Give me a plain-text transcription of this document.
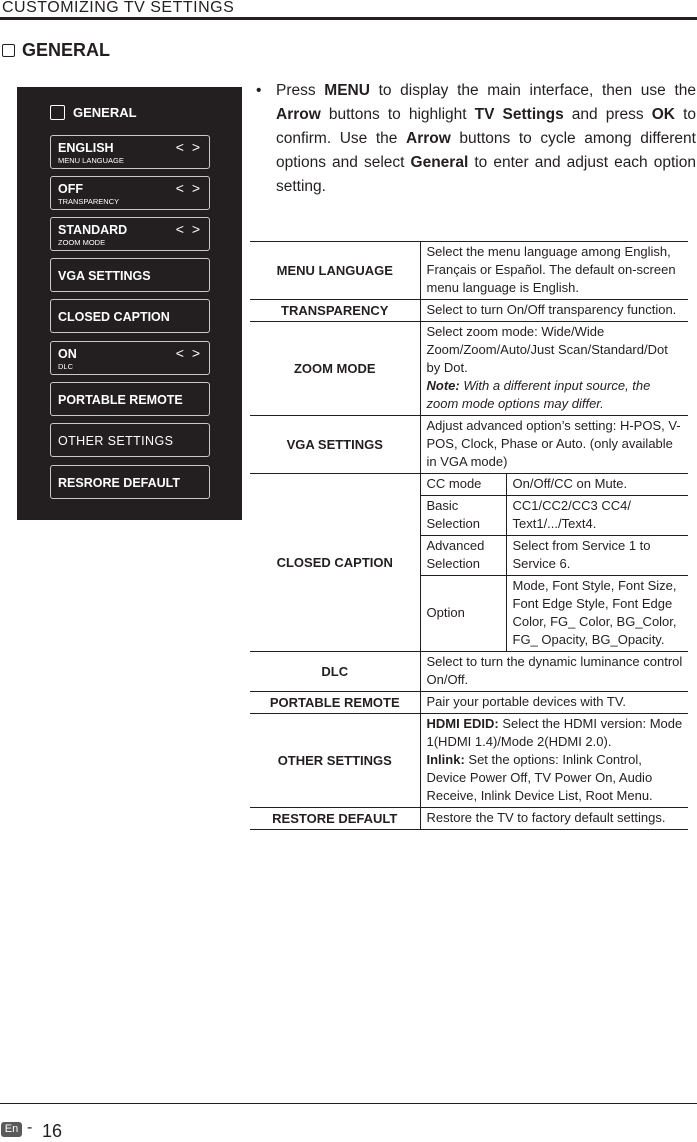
CUSTOMIZING TV SETTINGS
GENERAL
GENERAL
ENGLISH
MENU LANGUAGE
< >
OFF
TRANSPARENCY
< >
STANDARD
ZOOM MODE
< >
VGA SETTINGS
CLOSED CAPTION
ON
DLC
< >
PORTABLE REMOTE
OTHER SETTINGS
RESRORE DEFAULT
• Press MENU to display the main interface, then use the Arrow buttons to highlight TV Settings and press OK to confirm. Use the Arrow buttons to cycle among different options and select General to enter and adjust each option setting.

MENU LANGUAGE	Select the menu language among English, Français or Español. The default on-screen menu language is English.
TRANSPARENCY	Select to turn On/Off transparency function.
ZOOM MODE	Select zoom mode: Wide/Wide Zoom/Zoom/Auto/Just Scan/Standard/Dot by Dot.
Note: With a different input source, the zoom mode options may differ.
VGA SETTINGS	Adjust advanced option’s setting: H-POS, V-POS, Clock, Phase or Auto. (only available in VGA mode)
CLOSED CAPTION	
CC mode	On/Off/CC on Mute.
Basic Selection	CC1/CC2/CC3 CC4/ Text1/.../Text4.
Advanced Selection	Select from Service 1 to Service 6.
Option	Mode, Font Style, Font Size, Font Edge Style, Font Edge Color, FG_ Color, BG_Color, FG_ Opacity, BG_Opacity.

DLC	Select to turn the dynamic luminance control On/Off.
PORTABLE REMOTE	Pair your portable devices with TV.
OTHER SETTINGS	HDMI EDID: Select the HDMI version: Mode 1(HDMI 1.4)/Mode 2(HDMI 2.0).
Inlink: Set the options: Inlink Control, Device Power Off, TV Power On, Audio Receive, Inlink Device List, Root Menu.
RESTORE DEFAULT	Restore the TV to factory default settings.
En - 16
